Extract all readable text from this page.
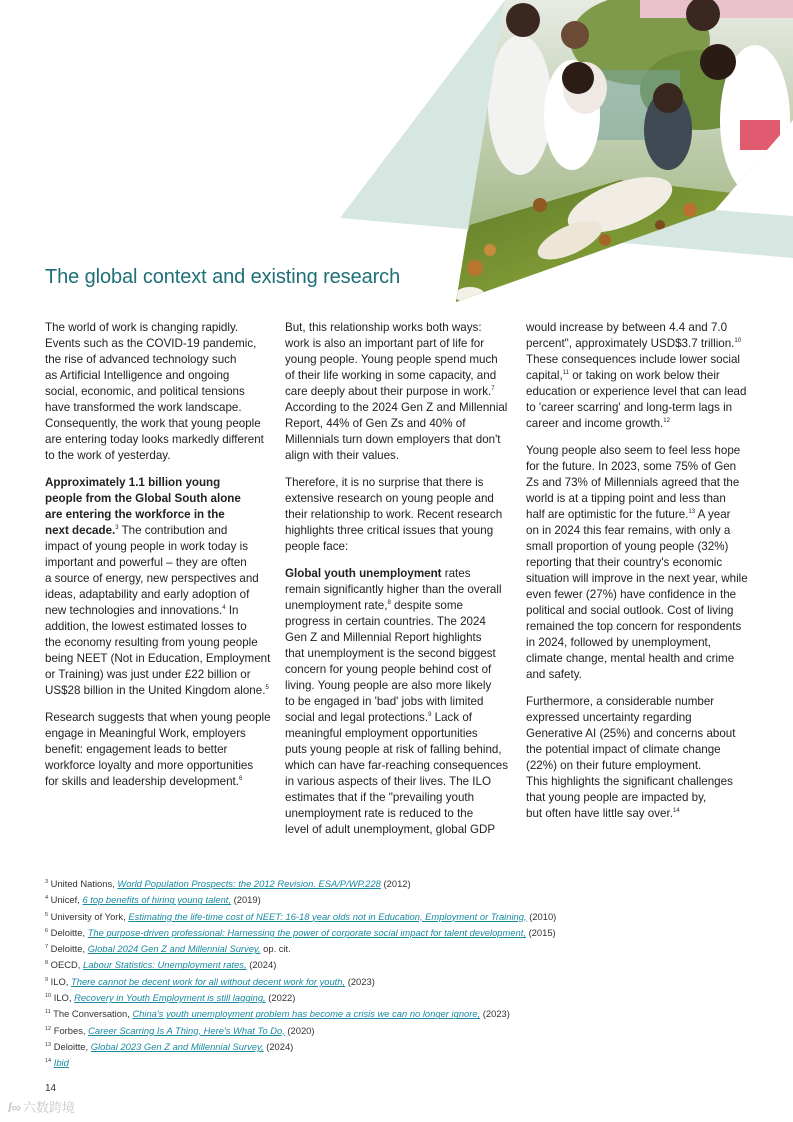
The global context and existing research

The world of work is changing rapidly.
Events such as the COVID-19 pandemic,
the rise of advanced technology such
as Artificial Intelligence and ongoing
social, economic, and political tensions
have transformed the work landscape.
Consequently, the work that young people
are entering today looks markedly different
to the work of yesterday.

Approximately 1.1 billion young
people from the Global South alone
are entering the workforce in the
next decade.$^3$ The contribution and
impact of young people in work today is
important and powerful – they are often
a source of energy, new perspectives and
ideas, adaptability and early adoption of
new technologies and innovations.$^4$ In
addition, the lowest estimated losses to
the economy resulting from young people
being NEET (Not in Education, Employment
or Training) was just under £22 billion or
US$28 billion in the United Kingdom alone.$^5$

Research suggests that when young people
engage in Meaningful Work, employers
benefit: engagement leads to better
workforce loyalty and more opportunities
for skills and leadership development.$^6$

But, this relationship works both ways:
work is also an important part of life for
young people. Young people spend much
of their life working in some capacity, and
care deeply about their purpose in work.$^7$
According to the 2024 Gen Z and Millennial
Report, 44% of Gen Zs and 40% of
Millennials turn down employers that don't
align with their values.

Therefore, it is no surprise that there is
extensive research on young people and
their relationship to work. Recent research
highlights three critical issues that young
people face:

Global youth unemployment rates
remain significantly higher than the overall
unemployment rate,$^8$ despite some
progress in certain countries. The 2024
Gen Z and Millennial Report highlights
that unemployment is the second biggest
concern for young people behind cost of
living. Young people are also more likely
to be engaged in 'bad' jobs with limited
social and legal protections.$^9$ Lack of
meaningful employment opportunities
puts young people at risk of falling behind,
which can have far-reaching consequences
in various aspects of their lives. The ILO
estimates that if the "prevailing youth
unemployment rate is reduced to the
level of adult unemployment, global GDP

would increase by between 4.4 and 7.0
percent", approximately USD$3.7 trillion.$^{10}$
These consequences include lower social
capital,$^{11}$ or taking on work below their
education or experience level that can lead
to 'career scarring' and long-term lags in
career and income growth.$^{12}$

Young people also seem to feel less hope
for the future. In 2023, some 75% of Gen
Zs and 73% of Millennials agreed that the
world is at a tipping point and less than
half are optimistic for the future.$^{13}$ A year
on in 2024 this fear remains, with only a
small proportion of young people (32%)
reporting that their country's economic
situation will improve in the next year, while
even fewer (27%) have confidence in the
political and social outlook. Cost of living
remained the top concern for respondents
in 2024, followed by unemployment,
climate change, mental health and crime
and safety.

Furthermore, a considerable number
expressed uncertainty regarding
Generative AI (25%) and concerns about
the potential impact of climate change
(22%) on their future employment.
This highlights the significant challenges
that young people are impacted by,
but often have little say over.$^{14}$

$^3$ United Nations, World Population Prospects: the 2012 Revision. ESA/P/WP.228 (2012)
$^4$ Unicef, 6 top benefits of hiring young talent, (2019)
$^5$ University of York, Estimating the life-time cost of NEET: 16-18 year olds not in Education, Employment or Training, (2010)
$^6$ Deloitte, The purpose-driven professional: Harnessing the power of corporate social impact for talent development, (2015)
$^7$ Deloitte, Global 2024 Gen Z and Millennial Survey, op. cit.
$^8$ OECD, Labour Statistics: Unemployment rates, (2024)
$^9$ ILO, There cannot be decent work for all without decent work for youth, (2023)
$^{10}$ ILO, Recovery in Youth Employment is still lagging, (2022)
$^{11}$ The Conversation, China's youth unemployment problem has become a crisis we can no longer ignore, (2023)
$^{12}$ Forbes, Career Scarring Is A Thing, Here's What To Do, (2020)
$^{13}$ Deloitte, Global 2023 Gen Z and Millennial Survey, (2024)
$^{14}$ Ibid
14
l∞ 六数跨境
